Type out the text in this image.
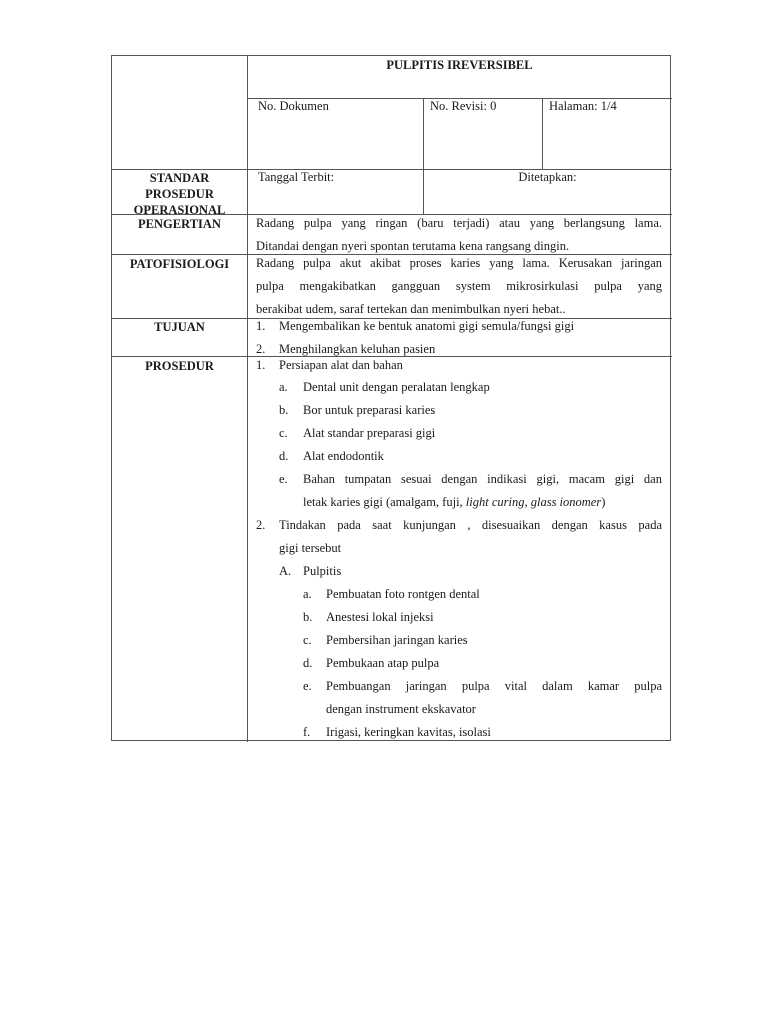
PULPITIS IREVERSIBEL
No. Dokumen	No. Revisi: 0	Halaman: 1/4
Tanggal Terbit:	Ditetapkan:
STANDAR
PROSEDUR
OPERASIONAL
PENGERTIAN	Radang pulpa yang ringan (baru terjadi) atau yang berlangsung lama.
Ditandai dengan nyeri spontan terutama kena rangsang dingin.
PATOFISIOLOGI	Radang pulpa akut akibat proses karies yang lama. Kerusakan jaringan
pulpa mengakibatkan gangguan system mikrosirkulasi pulpa yang
berakibat udem, saraf tertekan dan menimbulkan nyeri hebat..
TUJUAN	1. Mengembalikan ke bentuk anatomi gigi semula/fungsi gigi
2. Menghilangkan keluhan pasien
PROSEDUR	1. Persiapan alat dan bahan
a. Dental unit dengan peralatan lengkap
b. Bor untuk preparasi karies
c. Alat standar preparasi gigi
d. Alat endodontik
e. Bahan tumpatan sesuai dengan indikasi gigi, macam gigi dan
letak karies gigi (amalgam, fuji, light curing, glass ionomer)
2. Tindakan pada saat kunjungan , disesuaikan dengan kasus pada
gigi tersebut
A. Pulpitis
a. Pembuatan foto rontgen dental
b. Anestesi lokal injeksi
c. Pembersihan jaringan karies
d. Pembukaan atap pulpa
e. Pembuangan jaringan pulpa vital dalam kamar pulpa
dengan instrument ekskavator
f. Irigasi, keringkan kavitas, isolasi
